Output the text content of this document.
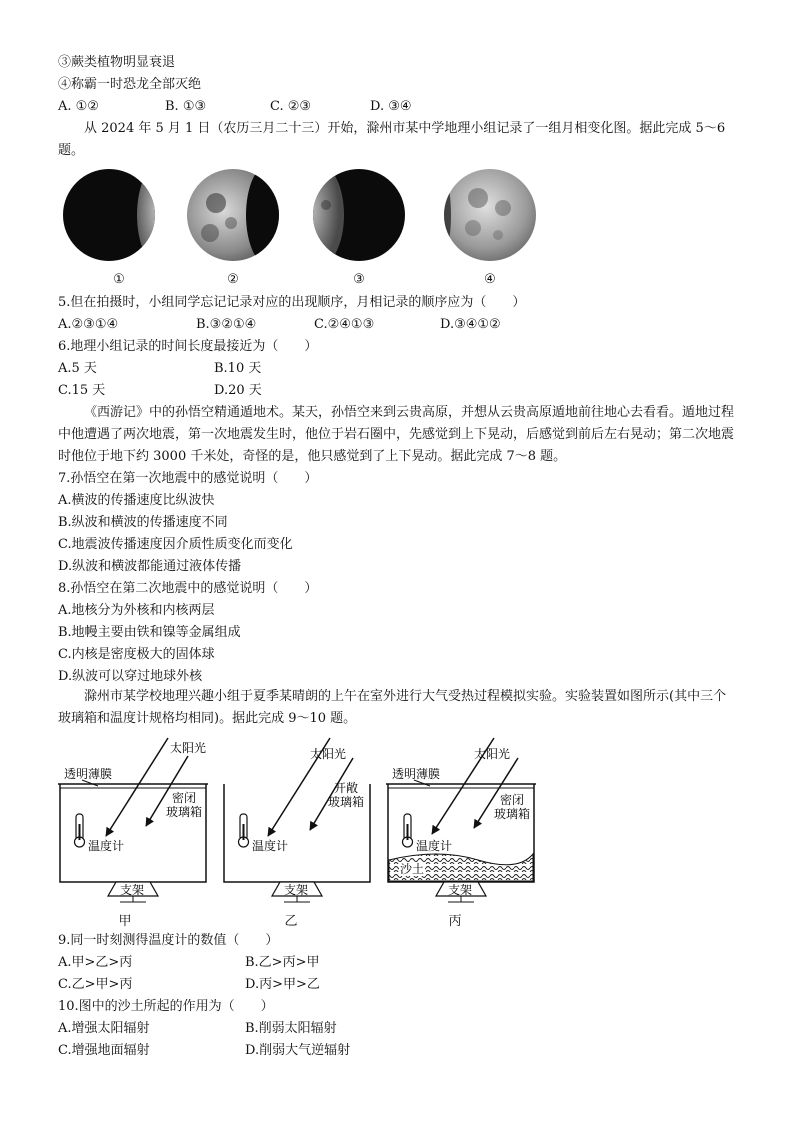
③蕨类植物明显衰退
④称霸一时恐龙全部灭绝
A. ①②	B. ①③	C. ②③	D. ③④
从 2024 年 5 月 1 日（农历三月二十三）开始，滁州市某中学地理小组记录了一组月相变化图。据此完成 5～6 题。
①	②	③	④
5.但在拍摄时，小组同学忘记记录对应的出现顺序，月相记录的顺序应为（　　）
A.②③①④	B.③②①④	C.②④①③	D.③④①②
6.地理小组记录的时间长度最接近为（　　）
A.5 天	B.10 天
C.15 天	D.20 天
《西游记》中的孙悟空精通遁地术。某天，孙悟空来到云贵高原，并想从云贵高原遁地前往地心去看看。遁地过程中他遭遇了两次地震，第一次地震发生时，他位于岩石圈中，先感觉到上下晃动，后感觉到前后左右晃动；第二次地震时他位于地下约 3000 千米处，奇怪的是，他只感觉到了上下晃动。据此完成 7～8 题。
7.孙悟空在第一次地震中的感觉说明（　　）
A.横波的传播速度比纵波快
B.纵波和横波的传播速度不同
C.地震波传播速度因介质性质变化而变化
D.纵波和横波都能通过液体传播
8.孙悟空在第二次地震中的感觉说明（　　）
A.地核分为外核和内核两层
B.地幔主要由铁和镍等金属组成
C.内核是密度极大的固体球
D.纵波可以穿过地球外核
滁州市某学校地理兴趣小组于夏季某晴朗的上午在室外进行大气受热过程模拟实验。实验装置如图所示(其中三个玻璃箱和温度计规格均相同)。据此完成 9～10 题。
透明薄膜
太阳光
密闭
玻璃箱
温度计
支架
太阳光
开敞
玻璃箱
温度计
支架
透明薄膜
太阳光
密闭
玻璃箱
温度计
沙土
支架
甲	乙	丙
9.同一时刻测得温度计的数值（　　）
A.甲>乙>丙	B.乙>丙>甲
C.乙>甲>丙	D.丙>甲>乙
10.图中的沙土所起的作用为（　　）
A.增强太阳辐射	B.削弱太阳辐射
C.增强地面辐射	D.削弱大气逆辐射
